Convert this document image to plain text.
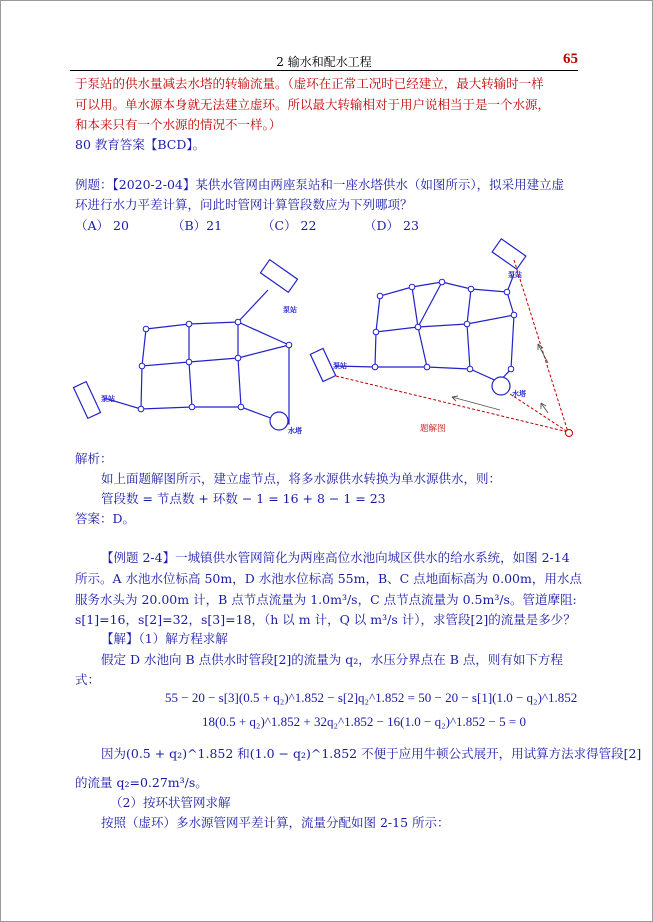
2 输水和配水工程	65
于泵站的供水量减去水塔的转输流量。（虚环在正常工况时已经建立，最大转输时一样
可以用。单水源本身就无法建立虚环。所以最大转输相对于用户说相当于是一个水源，
和本来只有一个水源的情况不一样。）
80 教育答案【BCD】。
例题：【2020-2-04】某供水管网由两座泵站和一座水塔供水（如图所示），拟采用建立虚
环进行水力平差计算，问此时管网计算管段数应为下列哪项？
（A） 20	（B）21	（C） 22	（D） 23
泵站
泵站
水塔
泵站
泵站
水塔
题解图
解析：
如上面题解图所示，建立虚节点，将多水源供水转换为单水源供水，则：
管段数 = 节点数 + 环数 − 1 = 16 + 8 − 1 = 23
答案：D。
【例题 2-4】一城镇供水管网简化为两座高位水池向城区供水的给水系统，如图 2-14
所示。A 水池水位标高 50m，D 水池水位标高 55m，B、C 点地面标高为 0.00m，用水点
服务水头为 20.00m 计，B 点节点流量为 1.0m³/s，C 点节点流量为 0.5m³/s。管道摩阻:
s[1]=16，s[2]=32，s[3]=18，（h 以 m 计，Q 以 m³/s 计），求管段[2]的流量是多少？
【解】（1）解方程求解
假定 D 水池向 B 点供水时管段[2]的流量为 q₂，水压分界点在 B 点，则有如下方程
式：
55 − 20 − s[3](0.5 + q₂)^1.852 − s[2]q₂^1.852 = 50 − 20 − s[1](1.0 − q₂)^1.852
18(0.5 + q₂)^1.852 + 32q₂^1.852 − 16(1.0 − q₂)^1.852 − 5 = 0
因为(0.5 + q₂)^1.852 和(1.0 − q₂)^1.852 不便于应用牛顿公式展开，用试算方法求得管段[2]
的流量 q₂=0.27m³/s。
（2）按环状管网求解
按照（虚环）多水源管网平差计算，流量分配如图 2-15 所示：
